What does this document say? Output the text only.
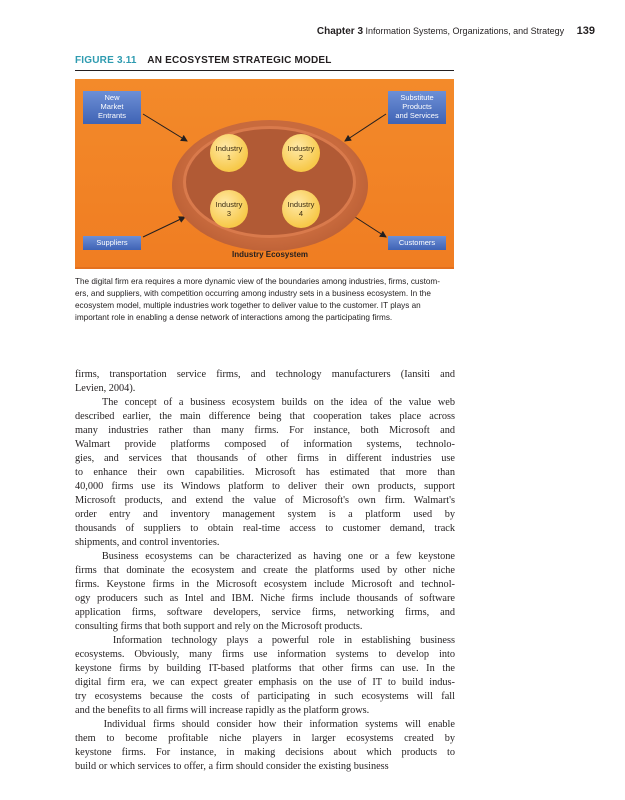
Chapter 3 Information Systems, Organizations, and Strategy 139
FIGURE 3.11 AN ECOSYSTEM STRATEGIC MODEL
New
Market
Entrants
Substitute
Products
and Services
Suppliers	Customers
Industry
1
Industry
2
Industry
3
Industry
4
Industry Ecosystem
The digital firm era requires a more dynamic view of the boundaries among industries, firms, custom-
ers, and suppliers, with competition occurring among industry sets in a business ecosystem. In the
ecosystem model, multiple industries work together to deliver value to the customer. IT plays an
important role in enabling a dense network of interactions among the participating firms.
firms, transportation service firms, and technology manufacturers (Iansiti and
Levien, 2004).
The concept of a business ecosystem builds on the idea of the value web
described earlier, the main difference being that cooperation takes place across
many industries rather than many firms. For instance, both Microsoft and
Walmart provide platforms composed of information systems, technolo-
gies, and services that thousands of other firms in different industries use
to enhance their own capabilities. Microsoft has estimated that more than
40,000 firms use its Windows platform to deliver their own products, support
Microsoft products, and extend the value of Microsoft's own firm. Walmart's
order entry and inventory management system is a platform used by
thousands of suppliers to obtain real-time access to customer demand, track
shipments, and control inventories.
Business ecosystems can be characterized as having one or a few keystone
firms that dominate the ecosystem and create the platforms used by other niche
firms. Keystone firms in the Microsoft ecosystem include Microsoft and technol-
ogy producers such as Intel and IBM. Niche firms include thousands of software
application firms, software developers, service firms, networking firms, and
consulting firms that both support and rely on the Microsoft products.
Information technology plays a powerful role in establishing business
ecosystems. Obviously, many firms use information systems to develop into
keystone firms by building IT-based platforms that other firms can use. In the
digital firm era, we can expect greater emphasis on the use of IT to build indus-
try ecosystems because the costs of participating in such ecosystems will fall
and the benefits to all firms will increase rapidly as the platform grows.
Individual firms should consider how their information systems will enable
them to become profitable niche players in larger ecosystems created by
keystone firms. For instance, in making decisions about which products to
build or which services to offer, a firm should consider the existing business
